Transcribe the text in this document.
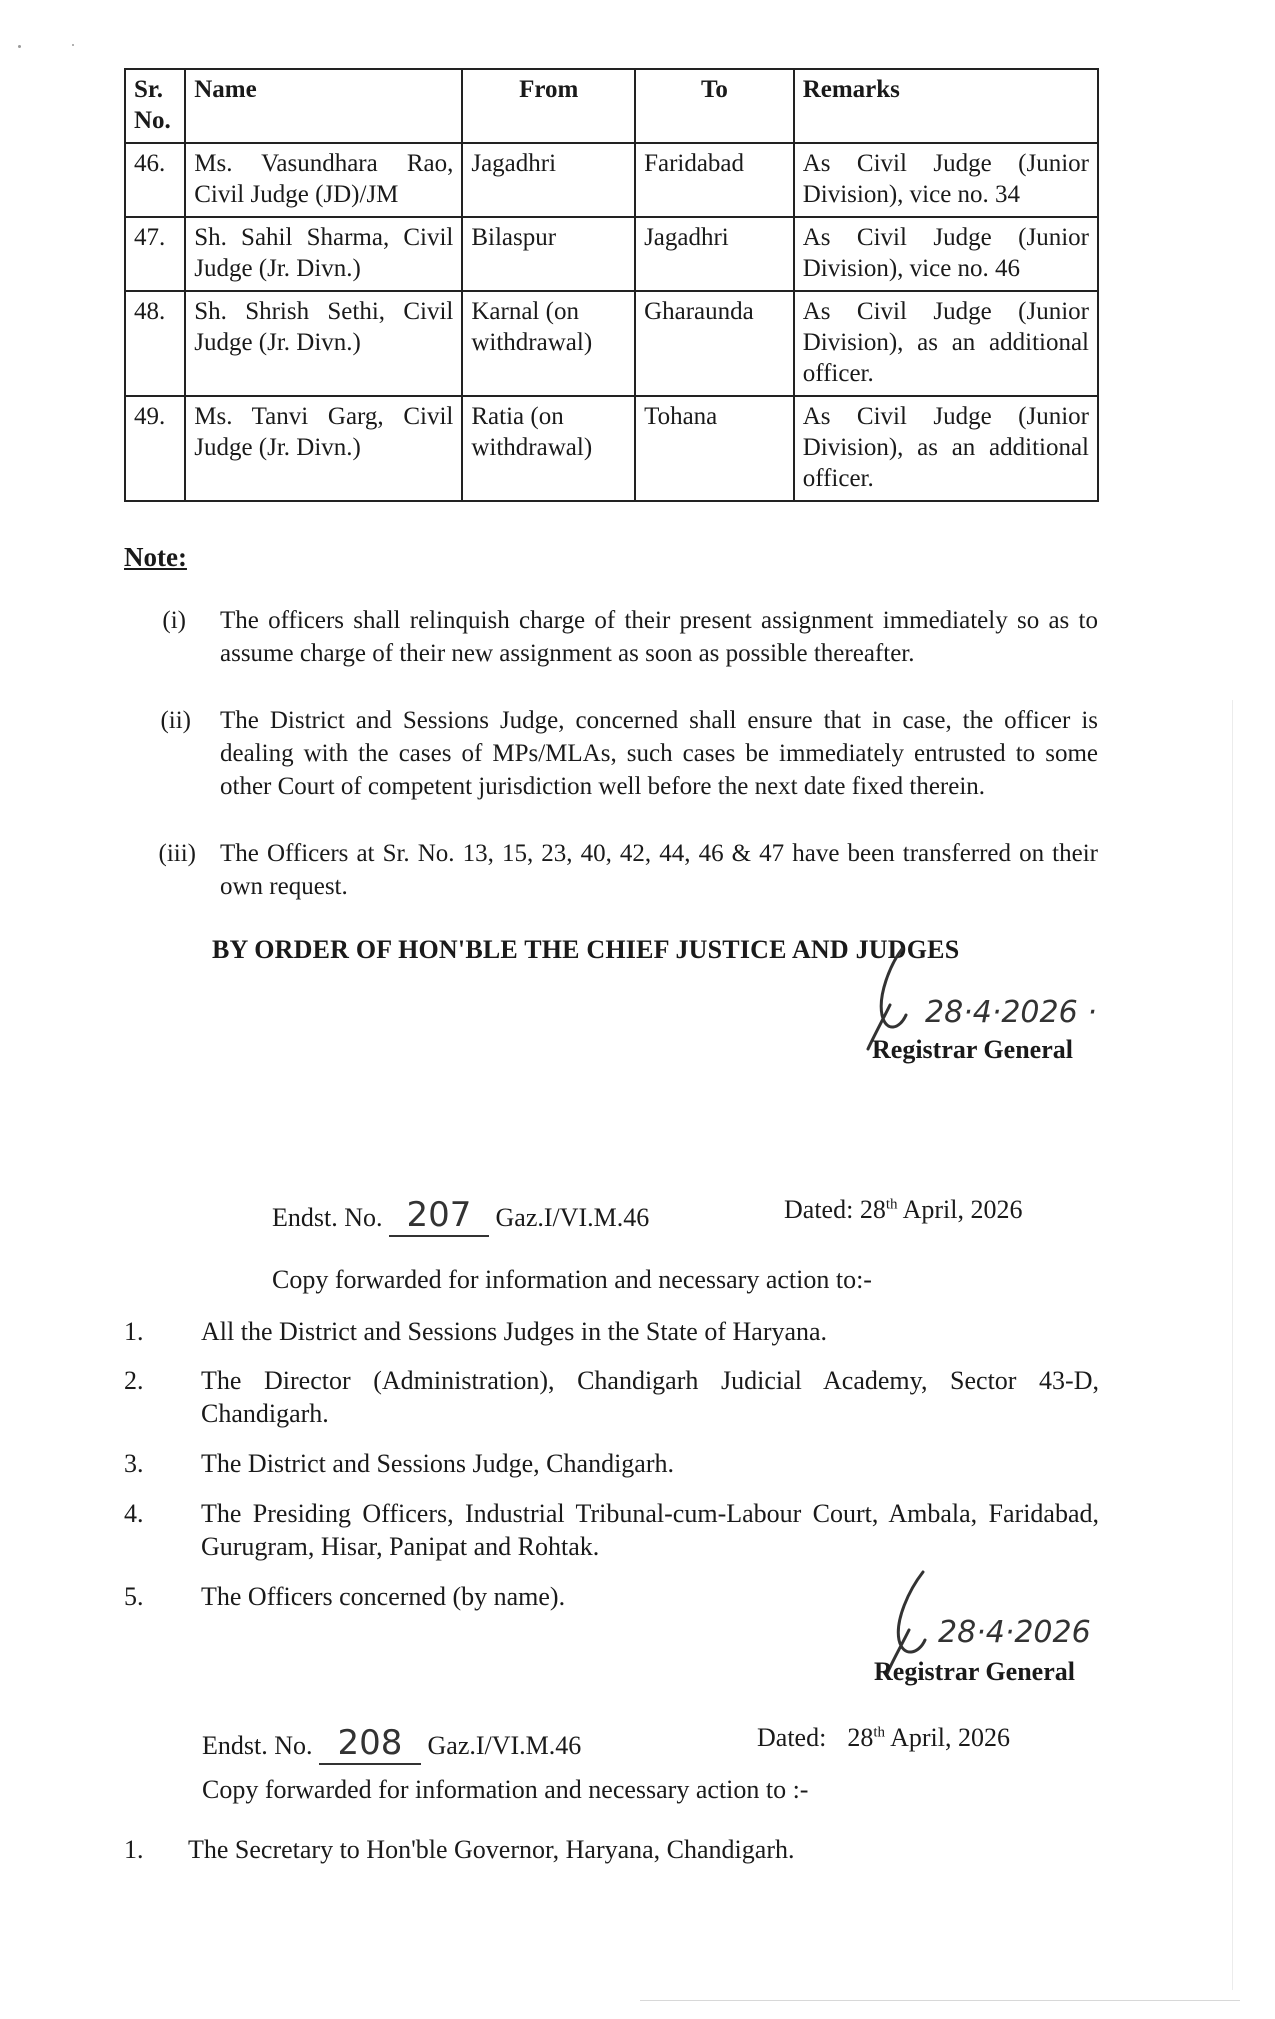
Sr. No.	Name	From	To	Remarks
46.	Ms. Vasundhara Rao, Civil Judge (JD)/JM	Jagadhri	Faridabad	As Civil Judge (Junior Division), vice no. 34
47.	Sh. Sahil Sharma, Civil Judge (Jr. Divn.)	Bilaspur	Jagadhri	As Civil Judge (Junior Division), vice no. 46
48.	Sh. Shrish Sethi, Civil Judge (Jr. Divn.)	Karnal (on withdrawal)	Gharaunda	As Civil Judge (Junior Division), as an additional officer.
49.	Ms. Tanvi Garg, Civil Judge (Jr. Divn.)	Ratia (on withdrawal)	Tohana	As Civil Judge (Junior Division), as an additional officer.
Note:
(i) The officers shall relinquish charge of their present assignment immediately so as to assume charge of their new assignment as soon as possible thereafter.
(ii) The District and Sessions Judge, concerned shall ensure that in case, the officer is dealing with the cases of MPs/MLAs, such cases be immediately entrusted to some other Court of competent jurisdiction well before the next date fixed therein.
(iii) The Officers at Sr. No. 13, 15, 23, 40, 42, 44, 46 & 47 have been transferred on their own request.
BY ORDER OF HON'BLE THE CHIEF JUSTICE AND JUDGES
28·4·2026 ·
Registrar General
Endst. No. 207 Gaz.I/VI.M.46	Dated: 28th April, 2026
Copy forwarded for information and necessary action to:-
1. All the District and Sessions Judges in the State of Haryana.
2. The Director (Administration), Chandigarh Judicial Academy, Sector 43-D, Chandigarh.
3. The District and Sessions Judge, Chandigarh.
4. The Presiding Officers, Industrial Tribunal-cum-Labour Court, Ambala, Faridabad, Gurugram, Hisar, Panipat and Rohtak.
5. The Officers concerned (by name).
28·4·2026
Registrar General
Endst. No. 208 Gaz.I/VI.M.46	Dated: 28th April, 2026
Copy forwarded for information and necessary action to :-
1. The Secretary to Hon'ble Governor, Haryana, Chandigarh.
